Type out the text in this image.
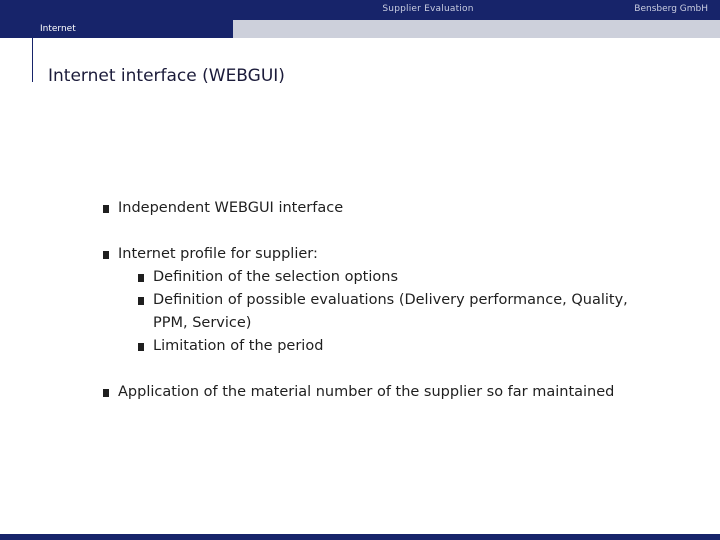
Supplier Evaluation	Bensberg GmbH
Internet
Internet interface (WEBGUI)
Independent WEBGUI interface
Internet profile for supplier:
Definition of the selection options
Definition of possible evaluations (Delivery performance, Quality,
PPM, Service)
Limitation of the period
Application of the material number of the supplier so far maintained
